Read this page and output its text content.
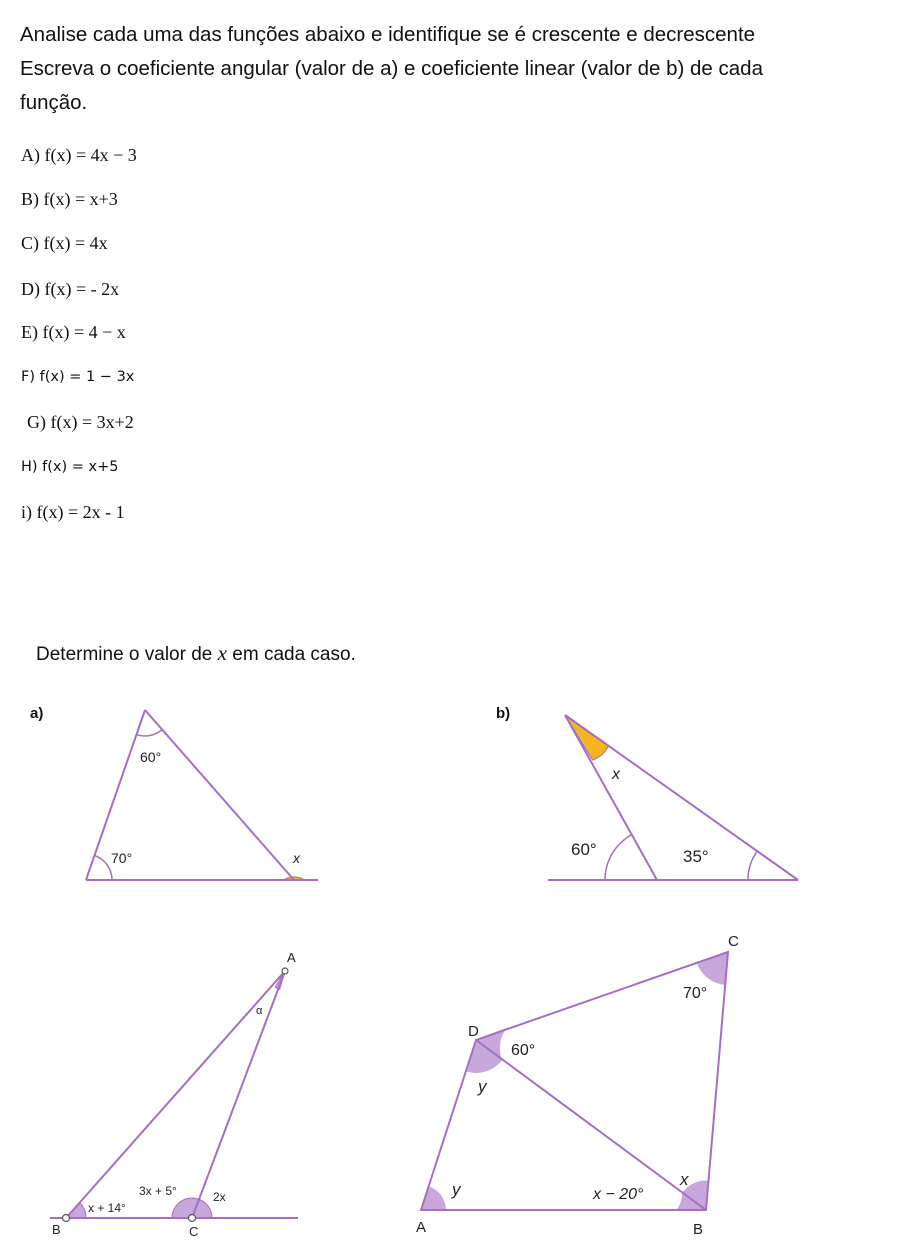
Analise cada uma das funções abaixo e identifique se é crescente e decrescente
Escreva o coeficiente angular (valor de a) e coeficiente linear (valor de b) de cada
função.
A) f(x) = 4x − 3
B) f(x) = x+3
C) f(x) = 4x
D) f(x) = - 2x
E) f(x) = 4 − x
F) f(x) = 1 − 3x
G) f(x) = 3x+2
H) f(x) = x+5
i) f(x) = 2x - 1
Determine o valor de x em cada caso.
a)	b)
60°
70°	x
x
60°	35°
A
B	C
α
x + 14°
3x + 5°	2x
C
D
A	B
70°
60°
y
y	x − 20°
x
